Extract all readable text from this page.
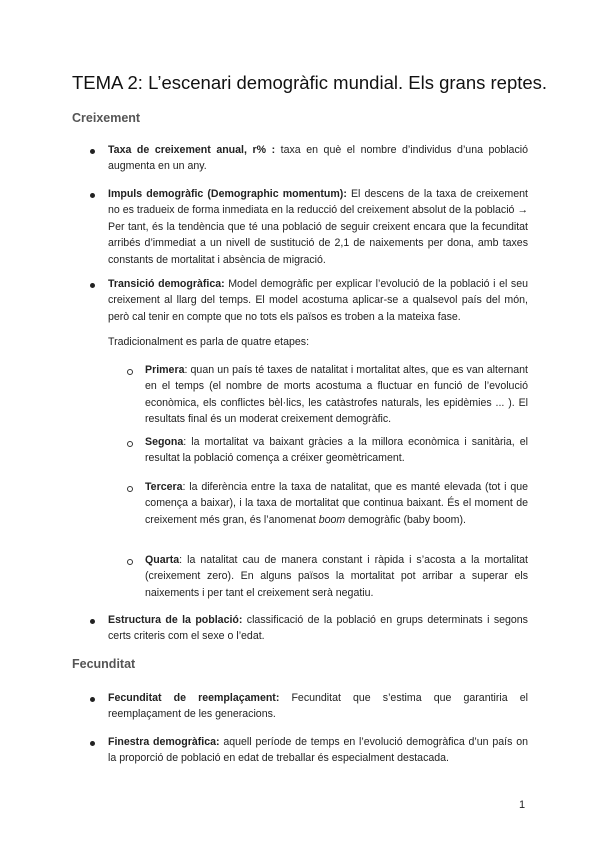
TEMA 2: L’escenari demogràfic mundial. Els grans reptes.
Creixement

Taxa de creixement anual, r% : taxa en què el nombre d’individus d’una població augmenta en un any.

Impuls demogràfic (Demographic momentum): El descens de la taxa de creixement no es tradueix de forma inmediata en la reducció del creixement absolut de la població → Per tant, és la tendència que té una població de seguir creixent encara que la fecunditat arribés d’immediat a un nivell de sustitució de 2,1 de naixements per dona, amb taxes constants de mortalitat i absència de migració.

Transició demogràfica: Model demogràfic per explicar l’evolució de la població i el seu creixement al llarg del temps. El model acostuma aplicar-se a qualsevol país del món, però cal tenir en compte que no tots els països es troben a la mateixa fase.

Tradicionalment es parla de quatre etapes:

Primera: quan un país té taxes de natalitat i mortalitat altes, que es van alternant en el temps (el nombre de morts acostuma a fluctuar en funció de l’evolució econòmica, els conflictes bèl·lics, les catàstrofes naturals, les epidèmies ... ). El resultats final és un moderat creixement demogràfic.

Segona: la mortalitat va baixant gràcies a la millora econòmica i sanitària, el resultat la població comença a créixer geomètricament.

Tercera: la diferència entre la taxa de natalitat, que es manté elevada (tot i que comença a baixar), i la taxa de mortalitat que continua baixant. És el moment de creixement més gran, és l’anomenat boom demogràfic (baby boom).

Quarta: la natalitat cau de manera constant i ràpida i s’acosta a la mortalitat (creixement zero). En alguns països la mortalitat pot arribar a superar els naixements i per tant el creixement serà negatiu.

Estructura de la població: classificació de la població en grups determinats i segons certs criteris com el sexe o l’edat.

Fecunditat

Fecunditat de reemplaçament: Fecunditat que s’estima que garantiria el reemplaçament de les generacions.

Finestra demogràfica: aquell període de temps en l’evolució demogràfica d’un país on la proporció de població en edat de treballar és especialment destacada.

1
